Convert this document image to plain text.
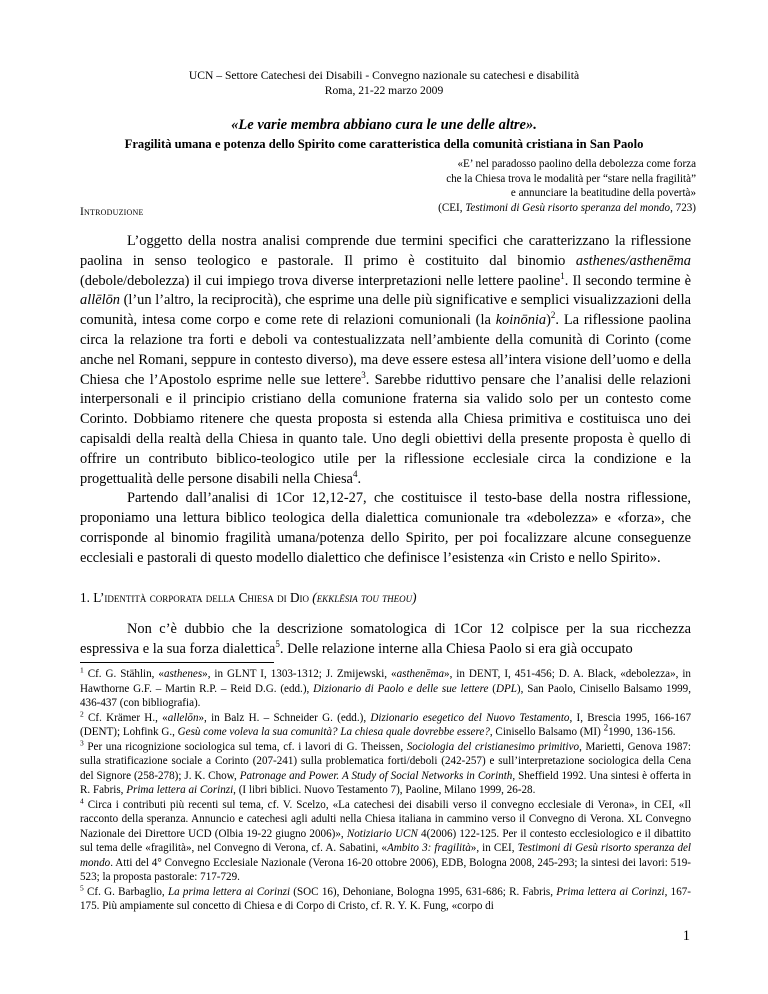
UCN – Settore Catechesi dei Disabili - Convegno nazionale su catechesi e disabilità
Roma, 21-22 marzo 2009
«Le varie membra abbiano cura le une delle altre».
Fragilità umana e potenza dello Spirito come caratteristica della comunità cristiana in San Paolo
«E’ nel paradosso paolino della debolezza come forza
che la Chiesa trova le modalità per “stare nella fragilità”
e annunciare la beatitudine della povertà»
(CEI, Testimoni di Gesù risorto speranza del mondo, 723)
Introduzione

L’oggetto della nostra analisi comprende due termini specifici che caratterizzano la riflessione paolina in senso teologico e pastorale. Il primo è costituito dal binomio asthenes/asthenēma (debole/debolezza) il cui impiego trova diverse interpretazioni nelle lettere paoline$^1$. Il secondo termine è allēlōn (l’un l’altro, la reciprocità), che esprime una delle più significative e semplici visualizzazioni della comunità, intesa come corpo e come rete di relazioni comunionali (la koinōnia)$^2$. La riflessione paolina circa la relazione tra forti e deboli va contestualizzata nell’ambiente della comunità di Corinto (come anche nel Romani, seppure in contesto diverso), ma deve essere estesa all’intera visione dell’uomo e della Chiesa che l’Apostolo esprime nelle sue lettere$^3$. Sarebbe riduttivo pensare che l’analisi delle relazioni interpersonali e il principio cristiano della comunione fraterna sia valido solo per un contesto come Corinto. Dobbiamo ritenere che questa proposta si estenda alla Chiesa primitiva e costituisca uno dei capisaldi della realtà della Chiesa in quanto tale. Uno degli obiettivi della presente proposta è quello di offrire un contributo biblico-teologico utile per la riflessione ecclesiale circa la condizione e la progettualità delle persone disabili nella Chiesa$^4$.

Partendo dall’analisi di 1Cor 12,12-27, che costituisce il testo-base della nostra riflessione, proponiamo una lettura biblico teologica della dialettica comunionale tra «debolezza» e «forza», che corrisponde al binomio fragilità umana/potenza dello Spirito, per poi focalizzare alcune conseguenze ecclesiali e pastorali di questo modello dialettico che definisce l’esistenza «in Cristo e nello Spirito».

1. L’identità corporata della Chiesa di Dio (ekklēsia tou theou)

Non c’è dubbio che la descrizione somatologica di 1Cor 12 colpisce per la sua ricchezza espressiva e la sua forza dialettica$^5$. Delle relazione interne alla Chiesa Paolo si era già occupato

$^1$ Cf. G. Stählin, «asthenes», in GLNT I, 1303-1312; J. Zmijewski, «asthenēma», in DENT, I, 451-456; D. A. Black, «debolezza», in Hawthorne G.F. – Martin R.P. – Reid D.G. (edd.), Dizionario di Paolo e delle sue lettere (DPL), San Paolo, Cinisello Balsamo 1999, 436-437 (con bibliografia).

$^2$ Cf. Krämer H., «allelōn», in Balz H. – Schneider G. (edd.), Dizionario esegetico del Nuovo Testamento, I, Brescia 1995, 166-167 (DENT); Lohfink G., Gesù come voleva la sua comunità? La chiesa quale dovrebbe essere?, Cinisello Balsamo (MI) $^2$1990, 136-156.

$^3$ Per una ricognizione sociologica sul tema, cf. i lavori di G. Theissen, Sociologia del cristianesimo primitivo, Marietti, Genova 1987: sulla stratificazione sociale a Corinto (207-241) sulla problematica forti/deboli (242-257) e sull’interpretazione sociologica della Cena del Signore (258-278); J. K. Chow, Patronage and Power. A Study of Social Networks in Corinth, Sheffield 1992. Una sintesi è offerta in R. Fabris, Prima lettera ai Corinzi, (I libri biblici. Nuovo Testamento 7), Paoline, Milano 1999, 26-28.

$^4$ Circa i contributi più recenti sul tema, cf. V. Scelzo, «La catechesi dei disabili verso il convegno ecclesiale di Verona», in CEI, «Il racconto della speranza. Annuncio e catechesi agli adulti nella Chiesa italiana in cammino verso il Convegno di Verona. XL Convegno Nazionale dei Direttore UCD (Olbia 19-22 giugno 2006)», Notiziario UCN 4(2006) 122-125. Per il contesto ecclesiologico e il dibattito sul tema delle «fragilità», nel Convegno di Verona, cf. A. Sabatini, «Ambito 3: fragilità», in CEI, Testimoni di Gesù risorto speranza del mondo. Atti del 4° Convegno Ecclesiale Nazionale (Verona 16-20 ottobre 2006), EDB, Bologna 2008, 245-293; la sintesi dei lavori: 519-523; la proposta pastorale: 717-729.

$^5$ Cf. G. Barbaglio, La prima lettera ai Corinzi (SOC 16), Dehoniane, Bologna 1995, 631-686; R. Fabris, Prima lettera ai Corinzi, 167-175. Più ampiamente sul concetto di Chiesa e di Corpo di Cristo, cf. R. Y. K. Fung, «corpo di

1
